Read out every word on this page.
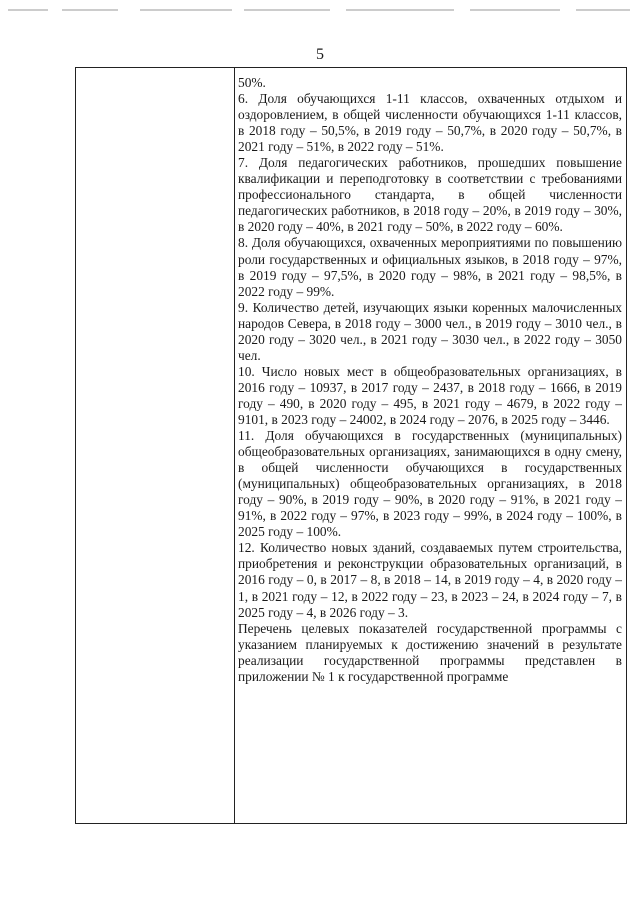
5

50%.

6. Доля обучающихся 1-11 классов, охваченных отдыхом и оздоровлением, в общей численности обучающихся 1-11 классов, в 2018 году – 50,5%, в 2019 году – 50,7%, в 2020 году – 50,7%, в 2021 году – 51%, в 2022 году – 51%.

7. Доля педагогических работников, прошедших повышение квалификации и переподготовку в соответствии с требованиями профессионального стандарта, в общей численности педагогических работников, в 2018 году – 20%, в 2019 году – 30%, в 2020 году – 40%, в 2021 году – 50%, в 2022 году – 60%.

8. Доля обучающихся, охваченных мероприятиями по повышению роли государственных и официальных языков, в 2018 году – 97%, в 2019 году – 97,5%, в 2020 году – 98%, в 2021 году – 98,5%, в 2022 году – 99%.

9. Количество детей, изучающих языки коренных малочисленных народов Севера, в 2018 году – 3000 чел., в 2019 году – 3010 чел., в 2020 году – 3020 чел., в 2021 году – 3030 чел., в 2022 году – 3050 чел.

10. Число новых мест в общеобразовательных организациях, в 2016 году – 10937, в 2017 году – 2437, в 2018 году – 1666, в 2019 году – 490, в 2020 году – 495, в 2021 году – 4679, в 2022 году – 9101, в 2023 году – 24002, в 2024 году – 2076, в 2025 году – 3446.

11. Доля обучающихся в государственных (муниципальных) общеобразовательных организациях, занимающихся в одну смену, в общей численности обучающихся в государственных (муниципальных) общеобразовательных организациях, в 2018 году – 90%, в 2019 году – 90%, в 2020 году – 91%, в 2021 году – 91%, в 2022 году – 97%, в 2023 году – 99%, в 2024 году – 100%, в 2025 году – 100%.

12. Количество новых зданий, создаваемых путем строительства, приобретения и реконструкции образовательных организаций, в 2016 году – 0, в 2017 – 8, в 2018 – 14, в 2019 году – 4, в 2020 году – 1, в 2021 году – 12, в 2022 году – 23, в 2023 – 24, в 2024 году – 7, в 2025 году – 4, в 2026 году – 3.

Перечень целевых показателей государственной программы с указанием планируемых к достижению значений в результате реализации государственной программы представлен в приложении № 1 к государственной программе
